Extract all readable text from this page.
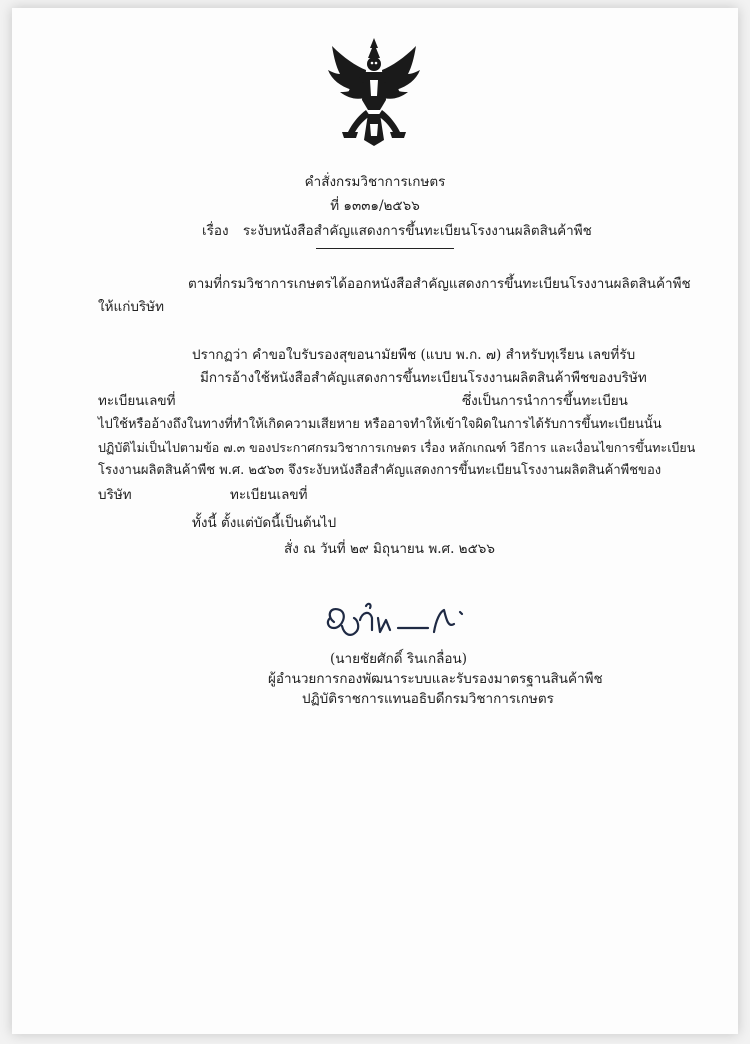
คำสั่งกรมวิชาการเกษตร
ที่ ๑๓๓๑/๒๕๖๖
เรื่อง ระงับหนังสือสำคัญแสดงการขึ้นทะเบียนโรงงานผลิตสินค้าพืช
ตามที่กรมวิชาการเกษตรได้ออกหนังสือสำคัญแสดงการขึ้นทะเบียนโรงงานผลิตสินค้าพืช
ให้แก่บริษัท
ปรากฏว่า คำขอใบรับรองสุขอนามัยพืช (แบบ พ.ก. ๗) สำหรับทุเรียน เลขที่รับ
มีการอ้างใช้หนังสือสำคัญแสดงการขึ้นทะเบียนโรงงานผลิตสินค้าพืชของบริษัท
ทะเบียนเลขที่	ซึ่งเป็นการนำการขึ้นทะเบียน
ไปใช้หรืออ้างถึงในทางที่ทำให้เกิดความเสียหาย หรืออาจทำให้เข้าใจผิดในการได้รับการขึ้นทะเบียนนั้น
ปฏิบัติไม่เป็นไปตามข้อ ๗.๓ ของประกาศกรมวิชาการเกษตร เรื่อง หลักเกณฑ์ วิธีการ และเงื่อนไขการขึ้นทะเบียน
โรงงานผลิตสินค้าพืช พ.ศ. ๒๕๖๓ จึงระงับหนังสือสำคัญแสดงการขึ้นทะเบียนโรงงานผลิตสินค้าพืชของ
บริษัท	ทะเบียนเลขที่
ทั้งนี้ ตั้งแต่บัดนี้เป็นต้นไป
สั่ง ณ วันที่ ๒๙ มิถุนายน พ.ศ. ๒๕๖๖
(นายชัยศักดิ์ รินเกลื่อน)
ผู้อำนวยการกองพัฒนาระบบและรับรองมาตรฐานสินค้าพืช
ปฏิบัติราชการแทนอธิบดีกรมวิชาการเกษตร
